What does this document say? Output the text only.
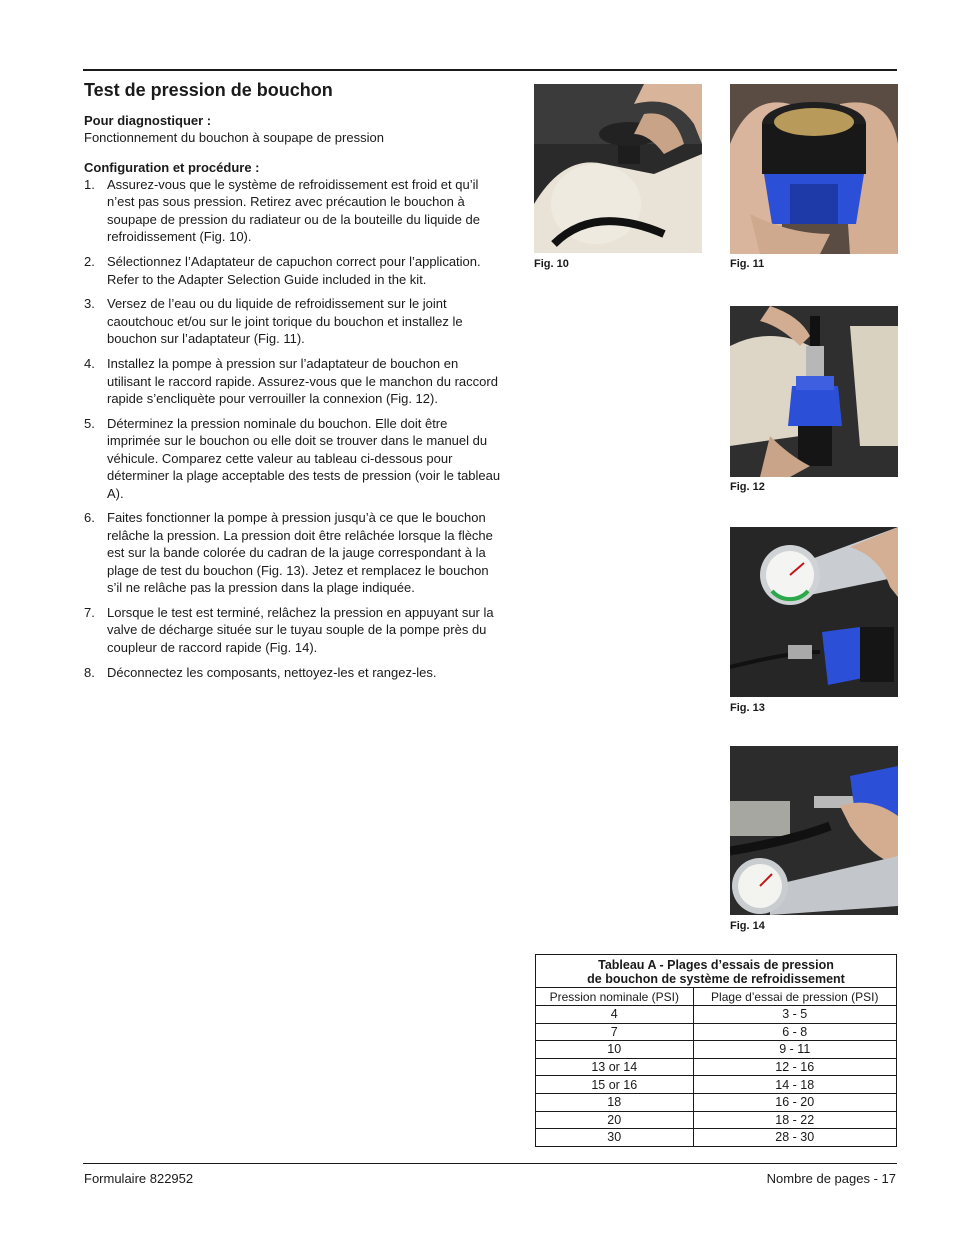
Test de pression de bouchon

Pour diagnostiquer :

Fonctionnement du bouchon à soupape de pression

Configuration et procédure :

1. Assurez-vous que le système de refroidissement est froid et qu’il n’est pas sous pression. Retirez avec précaution le bouchon à soupape de pression du radiateur ou de la bouteille du liquide de refroidissement (Fig. 10).
2. Sélectionnez l’Adaptateur de capuchon correct pour l’application. Refer to the Adapter Selection Guide included in the kit.
3. Versez de l’eau ou du liquide de refroidissement sur le joint caoutchouc et/ou sur le joint torique du bouchon et installez le bouchon sur l’adaptateur (Fig. 11).
4. Installez la pompe à pression sur l’adaptateur de bouchon en utilisant le raccord rapide. Assurez-vous que le manchon du raccord rapide s’encliquète pour verrouiller la connexion (Fig. 12).
5. Déterminez la pression nominale du bouchon. Elle doit être imprimée sur le bouchon ou elle doit se trouver dans le manuel du véhicule. Comparez cette valeur au tableau ci-dessous pour déterminer la plage acceptable des tests de pression (voir le tableau A).
6. Faites fonctionner la pompe à pression jusqu’à ce que le bouchon relâche la pression. La pression doit être relâchée lorsque la flèche est sur la bande colorée du cadran de la jauge correspondant à la plage de test du bouchon (Fig. 13). Jetez et remplacez le bouchon s’il ne relâche pas la pression dans la plage indiquée.
7. Lorsque le test est terminé, relâchez la pression en appuyant sur la valve de décharge située sur le tuyau souple de la pompe près du coupleur de raccord rapide (Fig. 14).
8. Déconnectez les composants, nettoyez-les et rangez-les.

Fig. 10	Fig. 11

Fig. 12

Fig. 13

Fig. 14

Tableau A - Plages d’essais de pression
de bouchon de système de refroidissement	

Pression nominale (PSI)	Plage d’essai de pression (PSI)
4	3 - 5
7	6 - 8
10	9 - 11
13 or 14	12 - 16
15 or 16	14 - 18
18	16 - 20
20	18 - 22
30	28 - 30

Formulaire 822952	Nombre de pages - 17
